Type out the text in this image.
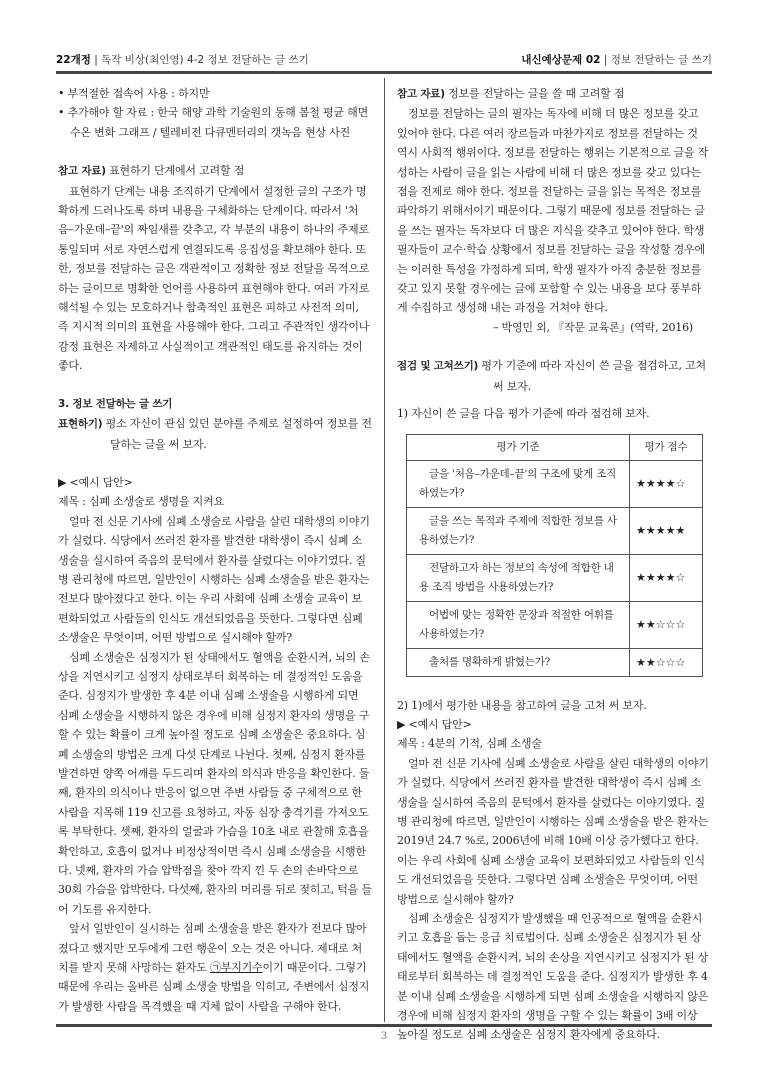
22개정 | 독작 비상(최인영) 4-2 정보 전달하는 글 쓰기	내신예상문제 02 | 정보 전달하는 글 쓰기

• 부적절한 접속어 사용 : 하지만

• 추가해야 할 자료 : 한국 해양 과학 기술원의 동해 봄철 평균 해면 수온 변화 그래프 / 텔레비전 다큐멘터리의 갯녹음 현상 사진

참고 자료) 표현하기 단계에서 고려할 점

표현하기 단계는 내용 조직하기 단계에서 설정한 글의 구조가 명확하게 드러나도록 하며 내용을 구체화하는 단계이다. 따라서 '처음–가운데–끝'의 짜임새를 갖추고, 각 부분의 내용이 하나의 주제로 통일되며 서로 자연스럽게 연결되도록 응집성을 확보해야 한다. 또한, 정보를 전달하는 글은 객관적이고 정확한 정보 전달을 목적으로 하는 글이므로 명확한 언어를 사용하여 표현해야 한다. 여러 가지로 해석될 수 있는 모호하거나 함축적인 표현은 피하고 사전적 의미, 즉 지시적 의미의 표현을 사용해야 한다. 그리고 주관적인 생각이나 감정 표현은 자제하고 사실적이고 객관적인 태도를 유지하는 것이 좋다.

3. 정보 전달하는 글 쓰기

표현하기) 평소 자신이 관심 있던 분야를 주제로 설정하여 정보를 전달하는 글을 써 보자.

▶ <예시 답안>

제목 : 심폐 소생술로 생명을 지켜요

얼마 전 신문 기사에 심폐 소생술로 사람을 살린 대학생의 이야기가 실렸다. 식당에서 쓰러진 환자를 발견한 대학생이 즉시 심폐 소생술을 실시하여 죽음의 문턱에서 환자를 살렸다는 이야기였다. 질병 관리청에 따르면, 일반인이 시행하는 심폐 소생술을 받은 환자는 전보다 많아졌다고 한다. 이는 우리 사회에 심폐 소생술 교육이 보편화되었고 사람들의 인식도 개선되었음을 뜻한다. 그렇다면 심폐 소생술은 무엇이며, 어떤 방법으로 실시해야 할까?

심폐 소생술은 심정지가 된 상태에서도 혈액을 순환시켜, 뇌의 손상을 지연시키고 심정지 상태로부터 회복하는 데 결정적인 도움을 준다. 심정지가 발생한 후 4분 이내 심폐 소생술을 시행하게 되면 심폐 소생술을 시행하지 않은 경우에 비해 심정지 환자의 생명을 구할 수 있는 확률이 크게 높아질 정도로 심폐 소생술은 중요하다. 심폐 소생술의 방법은 크게 다섯 단계로 나뉜다. 첫째, 심정지 환자를 발견하면 양쪽 어깨를 두드리며 환자의 의식과 반응을 확인한다. 둘째, 환자의 의식이나 반응이 없으면 주변 사람들 중 구체적으로 한 사람을 지목해 119 신고를 요청하고, 자동 심장 충격기를 가져오도록 부탁한다. 셋째, 환자의 얼굴과 가슴을 10초 내로 관찰해 호흡을 확인하고, 호흡이 없거나 비정상적이면 즉시 심폐 소생술을 시행한다. 넷째, 환자의 가슴 압박점을 찾아 깍지 낀 두 손의 손바닥으로 30회 가슴을 압박한다. 다섯째, 환자의 머리를 뒤로 젖히고, 턱을 들어 기도를 유지한다.

앞서 일반인이 실시하는 심폐 소생술을 받은 환자가 전보다 많아졌다고 했지만 모두에게 그런 행운이 오는 것은 아니다. 제대로 처치를 받지 못해 사망하는 환자도 ㉠부지기수이기 때문이다. 그렇기 때문에 우리는 올바른 심폐 소생술 방법을 익히고, 주변에서 심정지가 발생한 사람을 목격했을 때 지체 없이 사람을 구해야 한다.

참고 자료) 정보를 전달하는 글을 쓸 때 고려할 점

정보를 전달하는 글의 필자는 독자에 비해 더 많은 정보를 갖고 있어야 한다. 다른 여러 장르들과 마찬가지로 정보를 전달하는 것 역시 사회적 행위이다. 정보를 전달하는 행위는 기본적으로 글을 작성하는 사람이 글을 읽는 사람에 비해 더 많은 정보를 갖고 있다는 점을 전제로 해야 한다. 정보를 전달하는 글을 읽는 목적은 정보를 파악하기 위해서이기 때문이다. 그렇기 때문에 정보를 전달하는 글을 쓰는 필자는 독자보다 더 많은 지식을 갖추고 있어야 한다. 학생 필자들이 교수·학습 상황에서 정보를 전달하는 글을 작성할 경우에는 이러한 특성을 가정하게 되며, 학생 필자가 아직 충분한 정보를 갖고 있지 못할 경우에는 글에 포함할 수 있는 내용을 보다 풍부하게 수집하고 생성해 내는 과정을 거쳐야 한다.

– 박영민 외, 『작문 교육론』(역락, 2016)

점검 및 고쳐쓰기) 평가 기준에 따라 자신이 쓴 글을 점검하고, 고쳐 써 보자.

1) 자신이 쓴 글을 다음 평가 기준에 따라 점검해 보자.

평가 기준	평가 점수

글을 '처음–가운데–끝'의 구조에 맞게 조직하였는가?	★★★★☆

글을 쓰는 목적과 주제에 적합한 정보를 사용하였는가?	★★★★★

전달하고자 하는 정보의 속성에 적합한 내용 조직 방법을 사용하였는가?	★★★★☆

어법에 맞는 정확한 문장과 적절한 어휘를 사용하였는가?	★★☆☆☆

출처를 명확하게 밝혔는가?	★★☆☆☆

2) 1)에서 평가한 내용을 참고하여 글을 고쳐 써 보자.

▶ <예시 답안>

제목 : 4분의 기적, 심폐 소생술

얼마 전 신문 기사에 심폐 소생술로 사람을 살린 대학생의 이야기가 실렸다. 식당에서 쓰러진 환자를 발견한 대학생이 즉시 심폐 소생술을 실시하여 죽음의 문턱에서 환자를 살렸다는 이야기였다. 질병 관리청에 따르면, 일반인이 시행하는 심폐 소생술을 받은 환자는 2019년 24.7 %로, 2006년에 비해 10배 이상 증가했다고 한다. 이는 우리 사회에 심폐 소생술 교육이 보편화되었고 사람들의 인식도 개선되었음을 뜻한다. 그렇다면 심폐 소생술은 무엇이며, 어떤 방법으로 실시해야 할까?

심폐 소생술은 심정지가 발생했을 때 인공적으로 혈액을 순환시키고 호흡을 돕는 응급 치료법이다. 심폐 소생술은 심정지가 된 상태에서도 혈액을 순환시켜, 뇌의 손상을 지연시키고 심정지가 된 상태로부터 회복하는 데 결정적인 도움을 준다. 심정지가 발생한 후 4분 이내 심폐 소생술을 시행하게 되면 심폐 소생술을 시행하지 않은 경우에 비해 심정지 환자의 생명을 구할 수 있는 확률이 3배 이상 높아질 정도로 심폐 소생술은 심정지 환자에게 중요하다.

3
